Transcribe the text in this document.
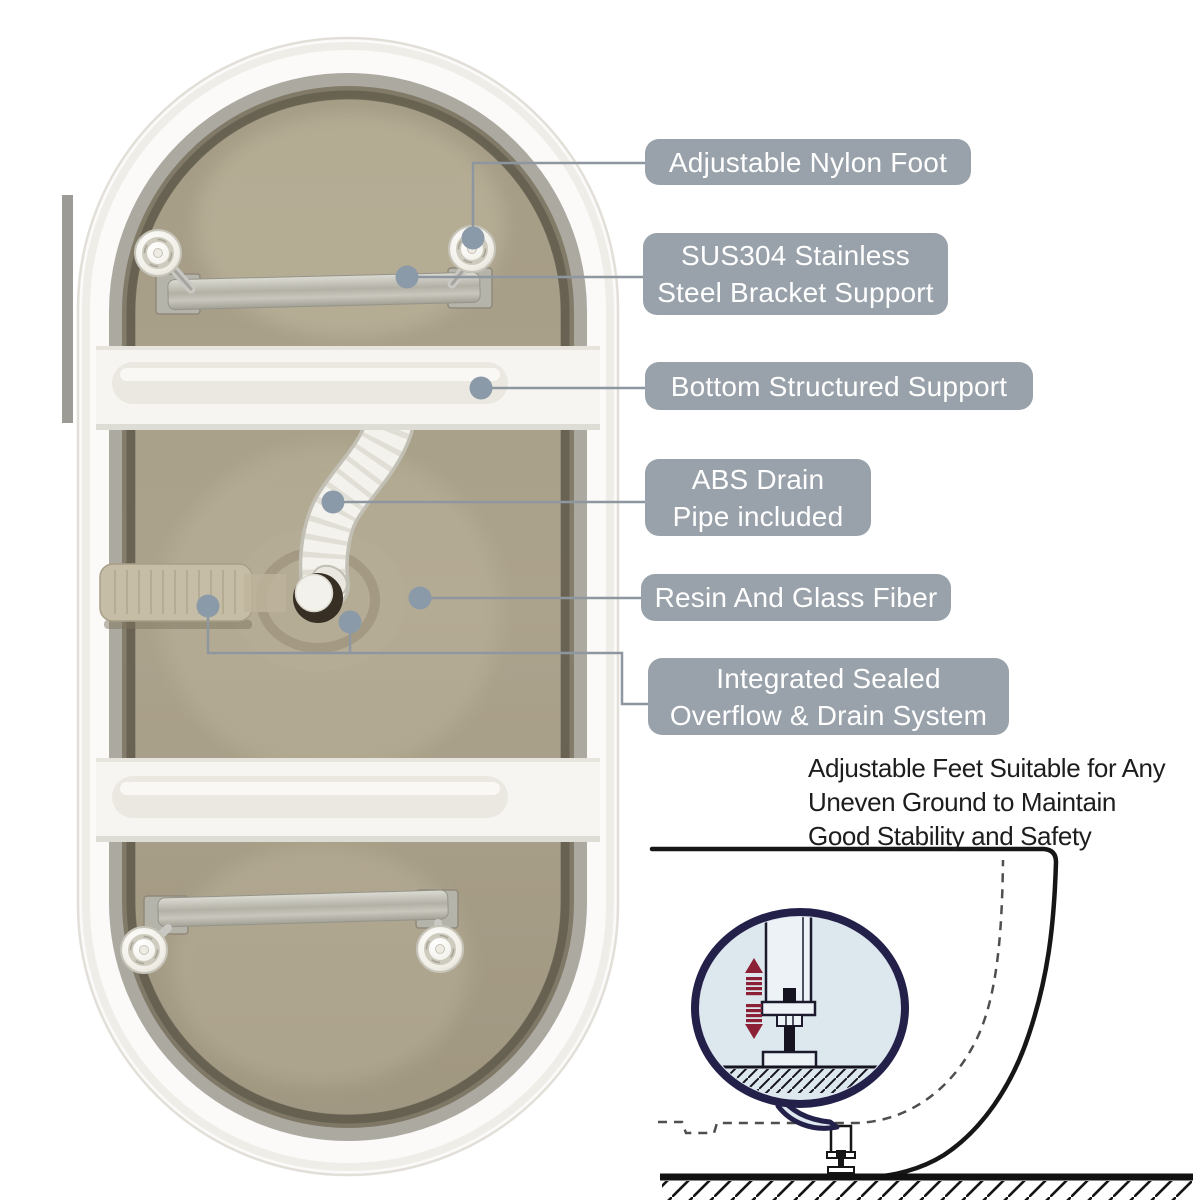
Adjustable Nylon Foot
SUS304 Stainless
Steel Bracket Support
Bottom Structured Support
ABS Drain
Pipe included
Resin And Glass Fiber
Integrated Sealed
Overflow & Drain System
Adjustable Feet Suitable for Any
Uneven Ground to Maintain
Good Stability and Safety
